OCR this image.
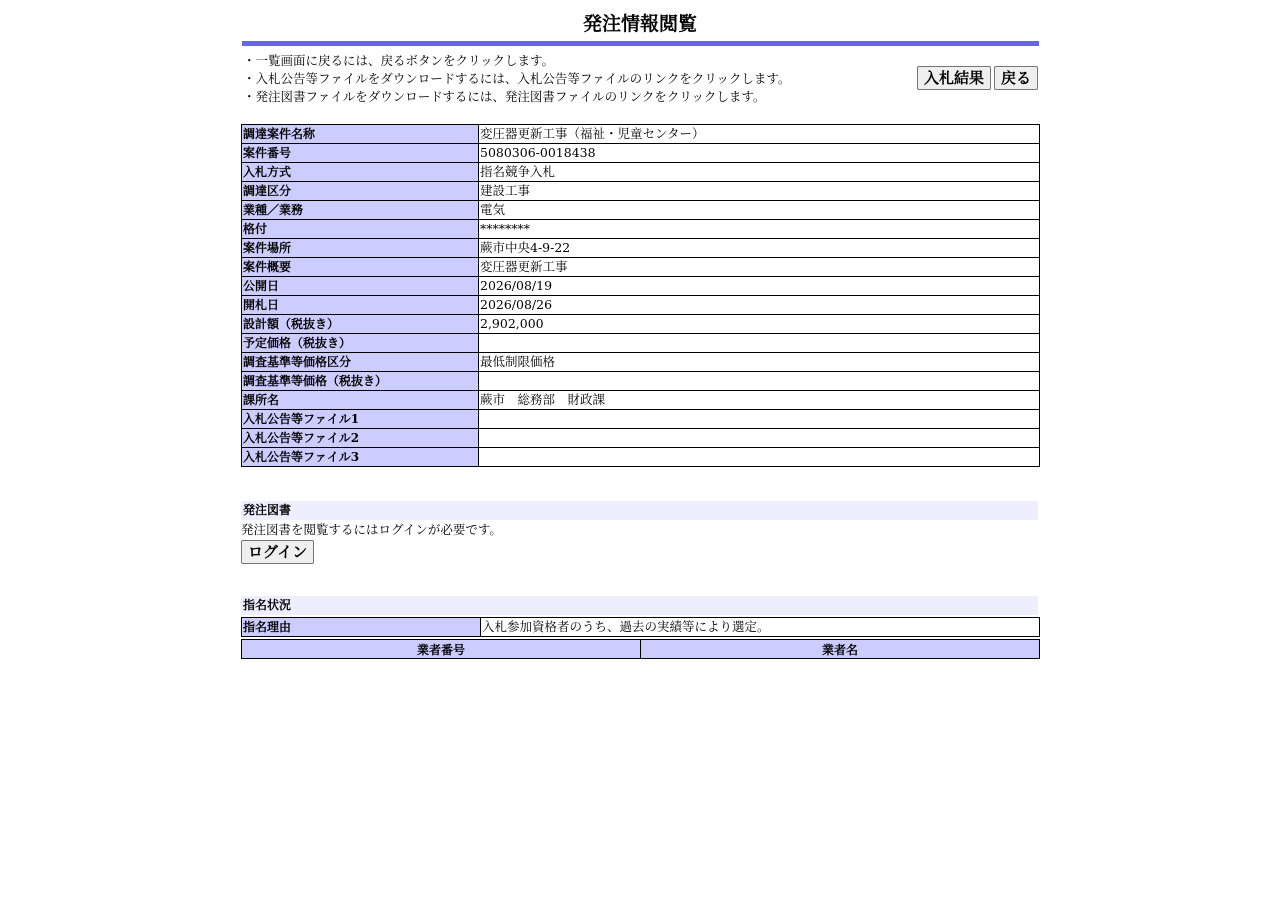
発注情報閲覧
・一覧画面に戻るには、戻るボタンをクリックします。
・入札公告等ファイルをダウンロードするには、入札公告等ファイルのリンクをクリックします。
・発注図書ファイルをダウンロードするには、発注図書ファイルのリンクをクリックします。
入札結果	戻る
調達案件名称	変圧器更新工事（福祉・児童センター）
案件番号	5080306-0018438
入札方式	指名競争入札
調達区分	建設工事
業種／業務	電気
格付	********
案件場所	蕨市中央4-9-22
案件概要	変圧器更新工事
公開日	2026/08/19
開札日	2026/08/26
設計額（税抜き）	2,902,000
予定価格（税抜き）	
調査基準等価格区分	最低制限価格
調査基準等価格（税抜き）	
課所名	蕨市　総務部　財政課
入札公告等ファイル1	
入札公告等ファイル2	
入札公告等ファイル3	
発注図書

発注図書を閲覧するにはログインが必要です。

ログイン
指名状況
指名理由	入札参加資格者のうち、過去の実績等により選定。
業者番号	業者名
